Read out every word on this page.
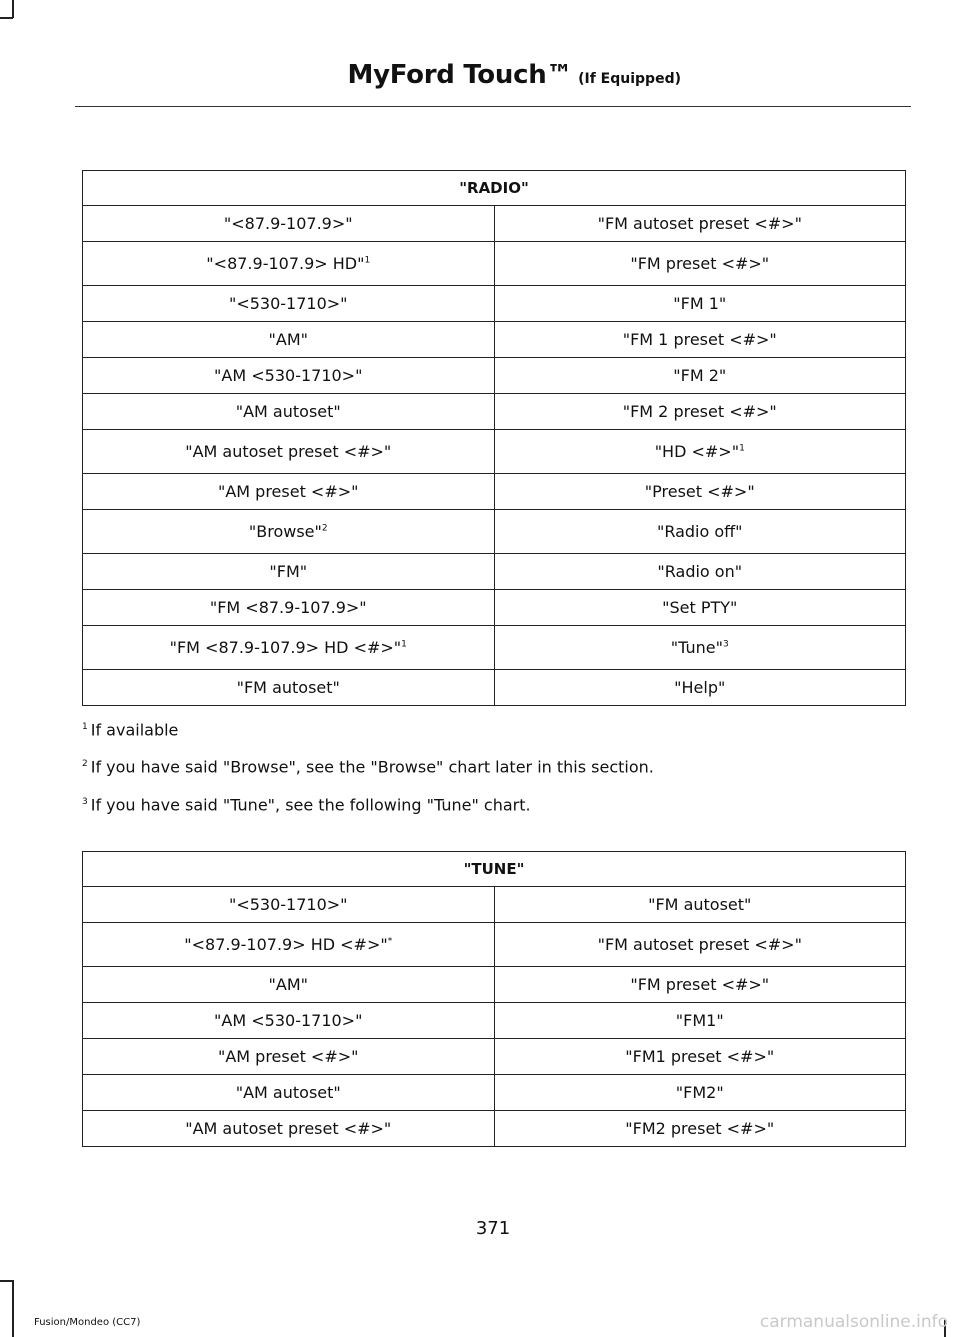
MyFord Touch™ (If Equipped)
"RADIO"	
"<87.9-107.9>"	"FM autoset preset <#>"
"<87.9-107.9> HD"$^1$	"FM preset <#>"
"<530-1710>"	"FM 1"
"AM"	"FM 1 preset <#>"
"AM <530-1710>"	"FM 2"
"AM autoset"	"FM 2 preset <#>"
"AM autoset preset <#>"	"HD <#>"$^1$
"AM preset <#>"	"Preset <#>"
"Browse"$^2$	"Radio off"
"FM"	"Radio on"
"FM <87.9-107.9>"	"Set PTY"
"FM <87.9-107.9> HD <#>"$^1$	"Tune"$^3$
"FM autoset"	"Help"

$^1$ If available

$^2$ If you have said "Browse", see the "Browse" chart later in this section.

$^3$ If you have said "Tune", see the following "Tune" chart.

"TUNE"	
"<530-1710>"	"FM autoset"
"<87.9-107.9> HD <#>"*	"FM autoset preset <#>"
"AM"	"FM preset <#>"
"AM <530-1710>"	"FM1"
"AM preset <#>"	"FM1 preset <#>"
"AM autoset"	"FM2"
"AM autoset preset <#>"	"FM2 preset <#>"
371
Fusion/Mondeo (CC7)	carmanualsonline.info
